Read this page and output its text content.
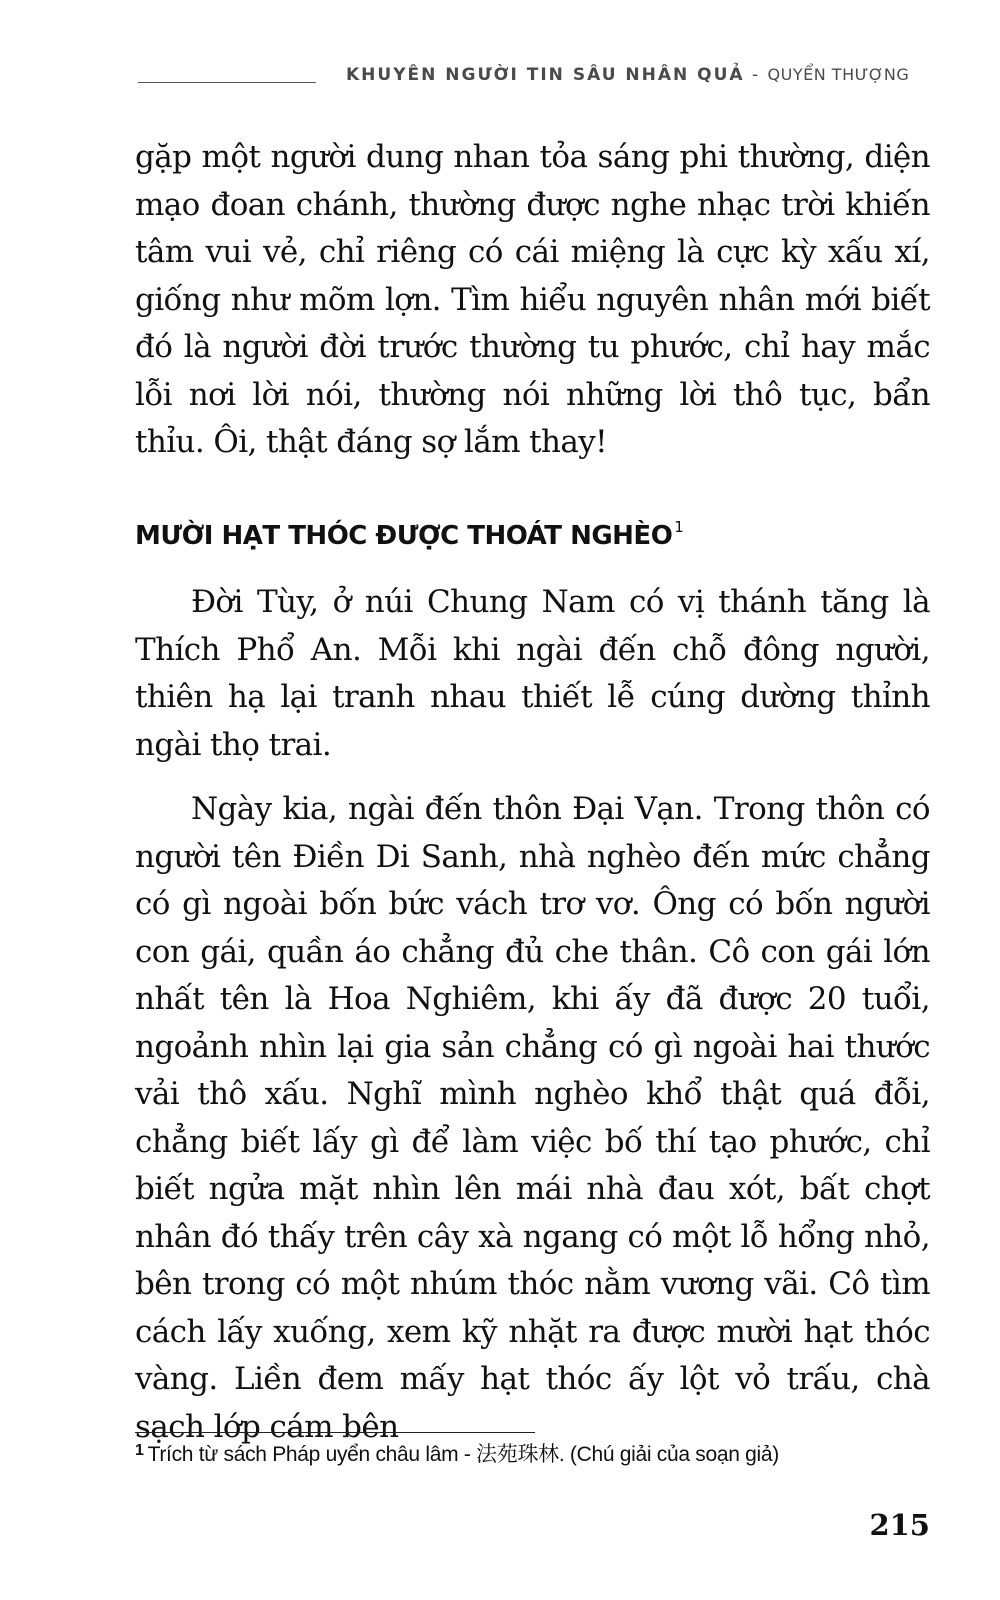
KHUYÊN NGƯỜI TIN SÂU NHÂN QUẢ - QUYỂN THƯỢNG

gặp một người dung nhan tỏa sáng phi thường, diện mạo đoan chánh, thường được nghe nhạc trời khiến tâm vui vẻ, chỉ riêng có cái miệng là cực kỳ xấu xí, giống như mõm lợn. Tìm hiểu nguyên nhân mới biết đó là người đời trước thường tu phước, chỉ hay mắc lỗi nơi lời nói, thường nói những lời thô tục, bẩn thỉu. Ôi, thật đáng sợ lắm thay!

MƯỜI HẠT THÓC ĐƯỢC THOÁT NGHÈO $^1$

Đời Tùy, ở núi Chung Nam có vị thánh tăng là Thích Phổ An. Mỗi khi ngài đến chỗ đông người, thiên hạ lại tranh nhau thiết lễ cúng dường thỉnh ngài thọ trai.

Ngày kia, ngài đến thôn Đại Vạn. Trong thôn có người tên Điền Di Sanh, nhà nghèo đến mức chẳng có gì ngoài bốn bức vách trơ vơ. Ông có bốn người con gái, quần áo chẳng đủ che thân. Cô con gái lớn nhất tên là Hoa Nghiêm, khi ấy đã được 20 tuổi, ngoảnh nhìn lại gia sản chẳng có gì ngoài hai thước vải thô xấu. Nghĩ mình nghèo khổ thật quá đỗi, chẳng biết lấy gì để làm việc bố thí tạo phước, chỉ biết ngửa mặt nhìn lên mái nhà đau xót, bất chợt nhân đó thấy trên cây xà ngang có một lỗ hổng nhỏ, bên trong có một nhúm thóc nằm vương vãi. Cô tìm cách lấy xuống, xem kỹ nhặt ra được mười hạt thóc vàng. Liền đem mấy hạt thóc ấy lột vỏ trấu, chà sạch lớp cám bên

$^1$ Trích từ sách Pháp uyển châu lâm - 法苑珠林. (Chú giải của soạn giả)

215
